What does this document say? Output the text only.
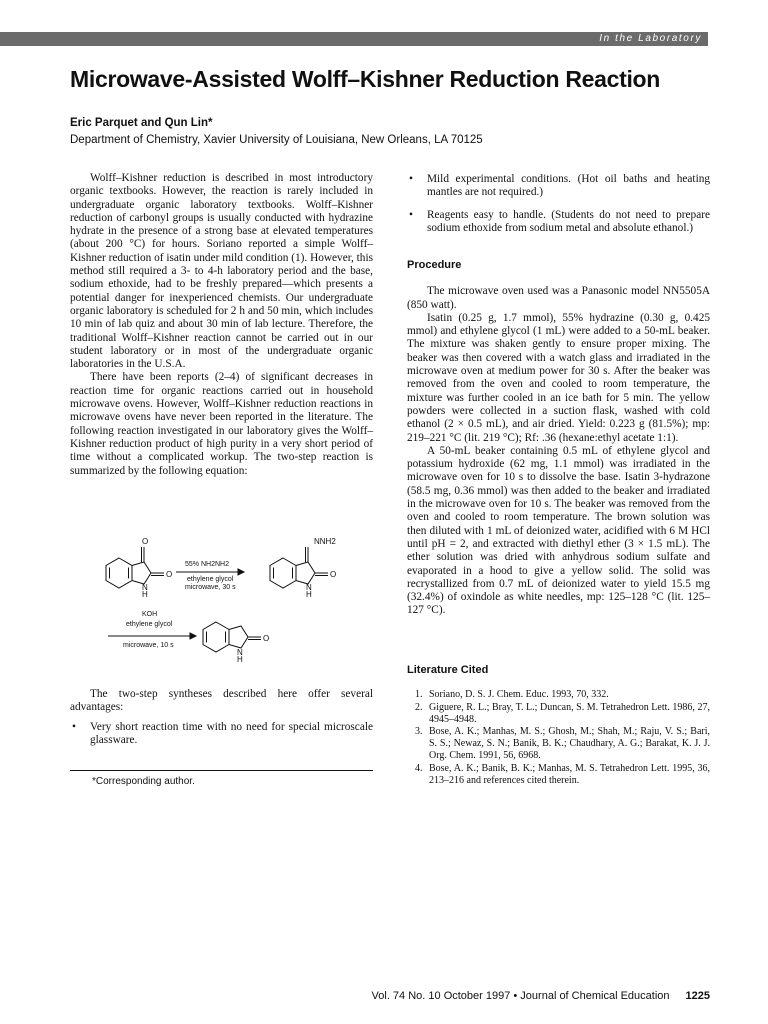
In the Laboratory
Microwave-Assisted Wolff–Kishner Reduction Reaction
Eric Parquet and Qun Lin*
Department of Chemistry, Xavier University of Louisiana, New Orleans, LA 70125

Wolff–Kishner reduction is described in most introductory organic textbooks. However, the reaction is rarely included in undergraduate organic laboratory textbooks. Wolff–Kishner reduction of carbonyl groups is usually conducted with hydrazine hydrate in the presence of a strong base at elevated temperatures (about 200 °C) for hours. Soriano reported a simple Wolff–Kishner reduction of isatin under mild condition (1). However, this method still required a 3- to 4-h laboratory period and the base, sodium ethoxide, had to be freshly prepared—which presents a potential danger for inexperienced chemists. Our undergraduate organic laboratory is scheduled for 2 h and 50 min, which includes 10 min of lab quiz and about 30 min of lab lecture. Therefore, the traditional Wolff–Kishner reaction cannot be carried out in our student laboratory or in most of the undergraduate organic laboratories in the U.S.A.

There have been reports (2–4) of significant decreases in reaction time for organic reactions carried out in household microwave ovens. However, Wolff–Kishner reduction reactions in microwave ovens have never been reported in the literature. The following reaction investigated in our laboratory gives the Wolff–Kishner reduction product of high purity in a very short period of time without a complicated workup. The two-step reaction is summarized by the following equation:

O
O
N
H
55% NH2NH2
ethylene glycol
microwave, 30 s
NNH2
O
N
H
KOH
ethylene glycol
microwave, 10 s
O
N
H

The two-step syntheses described here offer several advantages:

• Very short reaction time with no need for special microscale glassware.
*Corresponding author.
• Mild experimental conditions. (Hot oil baths and heating mantles are not required.)
• Reagents easy to handle. (Students do not need to prepare sodium ethoxide from sodium metal and absolute ethanol.)
Procedure

The microwave oven used was a Panasonic model NN5505A (850 watt).

Isatin (0.25 g, 1.7 mmol), 55% hydrazine (0.30 g, 0.425 mmol) and ethylene glycol (1 mL) were added to a 50-mL beaker. The mixture was shaken gently to ensure proper mixing. The beaker was then covered with a watch glass and irradiated in the microwave oven at medium power for 30 s. After the beaker was removed from the oven and cooled to room temperature, the mixture was further cooled in an ice bath for 5 min. The yellow powders were collected in a suction flask, washed with cold ethanol (2 × 0.5 mL), and air dried. Yield: 0.223 g (81.5%); mp: 219–221 °C (lit. 219 °C); Rf: .36 (hexane:ethyl acetate 1:1).

A 50-mL beaker containing 0.5 mL of ethylene glycol and potassium hydroxide (62 mg, 1.1 mmol) was irradiated in the microwave oven for 10 s to dissolve the base. Isatin 3-hydrazone (58.5 mg, 0.36 mmol) was then added to the beaker and irradiated in the microwave oven for 10 s. The beaker was removed from the oven and cooled to room temperature. The brown solution was then diluted with 1 mL of deionized water, acidified with 6 M HCl until pH = 2, and extracted with diethyl ether (3 × 1.5 mL). The ether solution was dried with anhydrous sodium sulfate and evaporated in a hood to give a yellow solid. The solid was recrystallized from 0.7 mL of deionized water to yield 15.5 mg (32.4%) of oxindole as white needles, mp: 125–128 °C (lit. 125–127 °C).

Literature Cited
1. Soriano, D. S. J. Chem. Educ. 1993, 70, 332.
2. Giguere, R. L.; Bray, T. L.; Duncan, S. M. Tetrahedron Lett. 1986, 27, 4945–4948.
3. Bose, A. K.; Manhas, M. S.; Ghosh, M.; Shah, M.; Raju, V. S.; Bari, S. S.; Newaz, S. N.; Banik, B. K.; Chaudhary, A. G.; Barakat, K. J. J. Org. Chem. 1991, 56, 6968.
4. Bose, A. K.; Banik, B. K.; Manhas, M. S. Tetrahedron Lett. 1995, 36, 213–216 and references cited therein.
Vol. 74 No. 10 October 1997 • Journal of Chemical Education 1225
